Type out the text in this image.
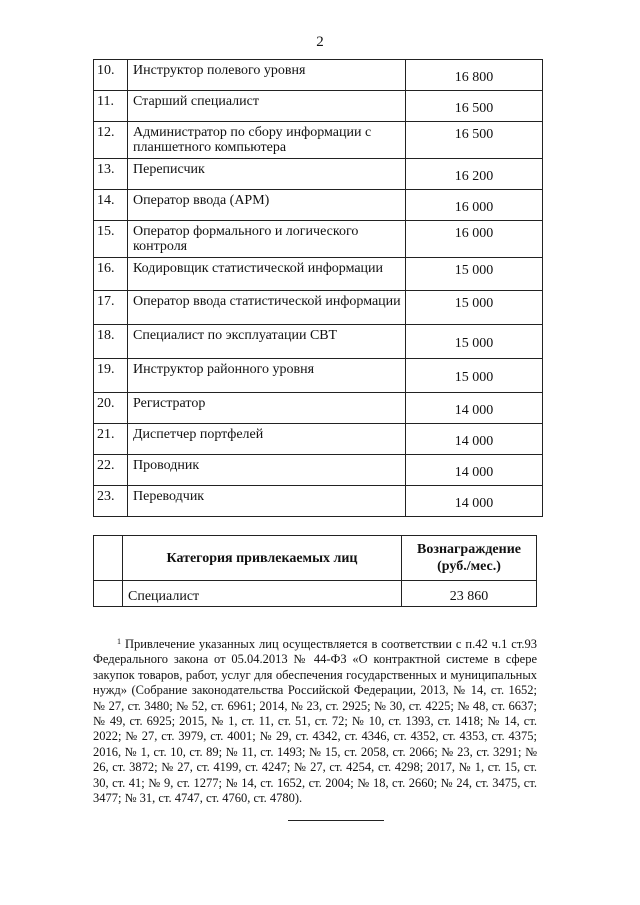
2
10.	Инструктор полевого уровня	16 800
11.	Старший специалист	16 500
12.	Администратор по сбору информации с планшетного компьютера	16 500
13.	Переписчик	16 200
14.	Оператор ввода (АРМ)	16 000
15.	Оператор формального и логического контроля	16 000
16.	Кодировщик статистической информации	15 000
17.	Оператор ввода статистической информации	15 000
18.	Специалист по эксплуатации СВТ	15 000
19.	Инструктор районного уровня	15 000
20.	Регистратор	14 000
21.	Диспетчер портфелей	14 000
22.	Проводник	14 000
23.	Переводчик	14 000
	Категория привлекаемых лиц	Вознаграждение
(руб./мес.)
	Специалист	23 860

$^1$ Привлечение указанных лиц осуществляется в соответствии с п.42 ч.1 ст.93 Федерального закона от 05.04.2013 № 44-ФЗ «О контрактной системе в сфере закупок товаров, работ, услуг для обеспечения государственных и муниципальных нужд» (Собрание законодательства Российской Федерации, 2013, № 14, ст. 1652; № 27, ст. 3480; № 52, ст. 6961; 2014, № 23, ст. 2925; № 30, ст. 4225; № 48, ст. 6637; № 49, ст. 6925; 2015, № 1, ст. 11, ст. 51, ст. 72; № 10, ст. 1393, ст. 1418; № 14, ст. 2022; № 27, ст. 3979, ст. 4001; № 29, ст. 4342, ст. 4346, ст. 4352, ст. 4353, ст. 4375; 2016, № 1, ст. 10, ст. 89; № 11, ст. 1493; № 15, ст. 2058, ст. 2066; № 23, ст. 3291; № 26, ст. 3872; № 27, ст. 4199, ст. 4247; № 27, ст. 4254, ст. 4298; 2017, № 1, ст. 15, ст. 30, ст. 41; № 9, ст. 1277; № 14, ст. 1652, ст. 2004; № 18, ст. 2660; № 24, ст. 3475, ст. 3477; № 31, ст. 4747, ст. 4760, ст. 4780).
